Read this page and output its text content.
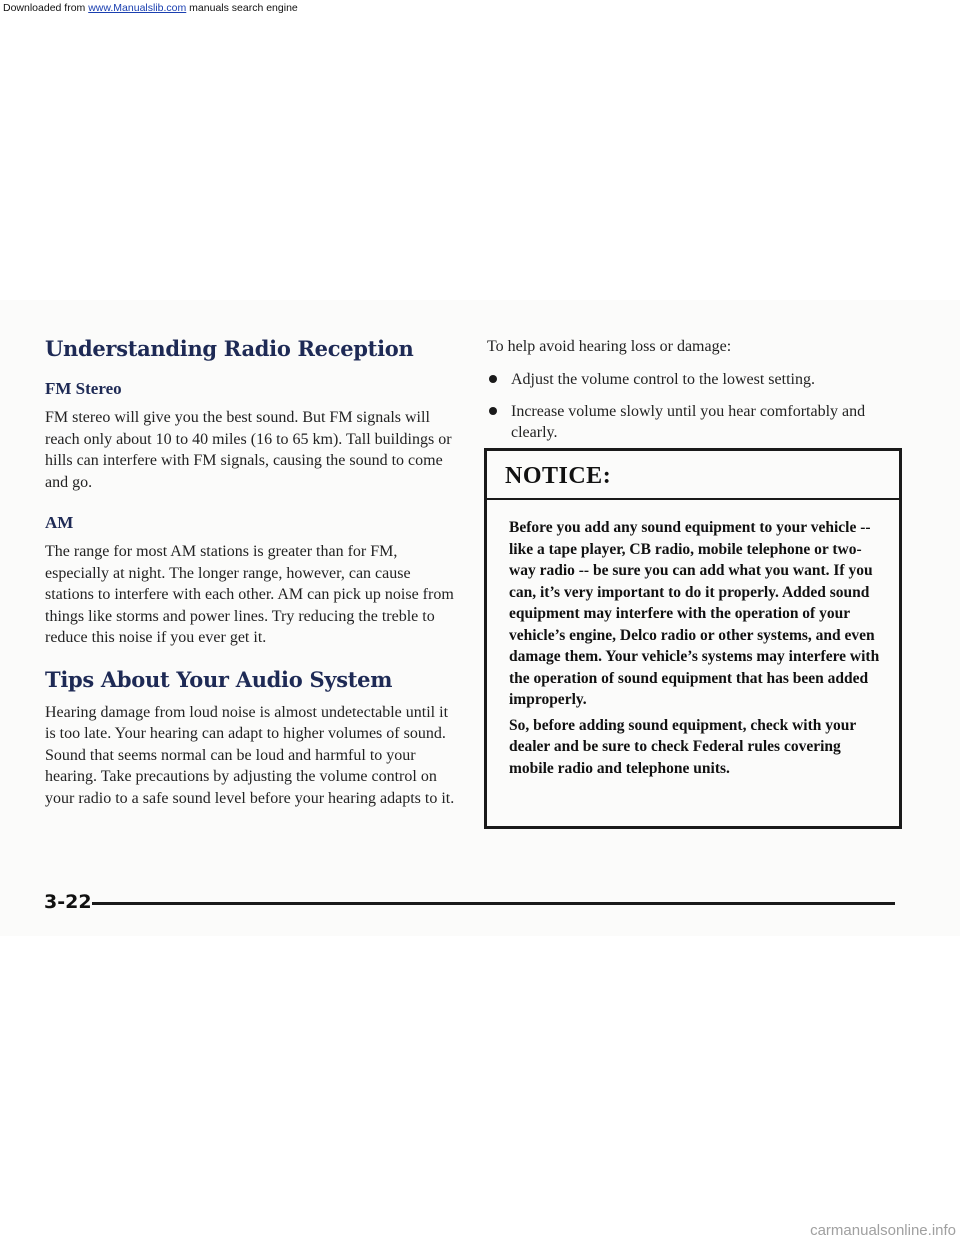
Downloaded from www.Manualslib.com manuals search engine
Understanding Radio Reception
FM Stereo

FM stereo will give you the best sound. But FM signals will reach only about 10 to 40 miles (16 to 65 km). Tall buildings or hills can interfere with FM signals, causing the sound to come and go.

AM

The range for most AM stations is greater than for FM, especially at night. The longer range, however, can cause stations to interfere with each other. AM can pick up noise from things like storms and power lines. Try reducing the treble to reduce this noise if you ever get it.

Tips About Your Audio System

Hearing damage from loud noise is almost undetectable until it is too late. Your hearing can adapt to higher volumes of sound. Sound that seems normal can be loud and harmful to your hearing. Take precautions by adjusting the volume control on your radio to a safe sound level before your hearing adapts to it.

To help avoid hearing loss or damage:

Adjust the volume control to the lowest setting.
Increase volume slowly until you hear comfortably and clearly.

NOTICE:

Before you add any sound equipment to your vehicle -- like a tape player, CB radio, mobile telephone or two-way radio -- be sure you can add what you want. If you can, it’s very important to do it properly. Added sound equipment may interfere with the operation of your vehicle’s engine, Delco radio or other systems, and even damage them. Your vehicle’s systems may interfere with the operation of sound equipment that has been added improperly.

So, before adding sound equipment, check with your dealer and be sure to check Federal rules covering mobile radio and telephone units.

3-22
carmanualsonline.info
